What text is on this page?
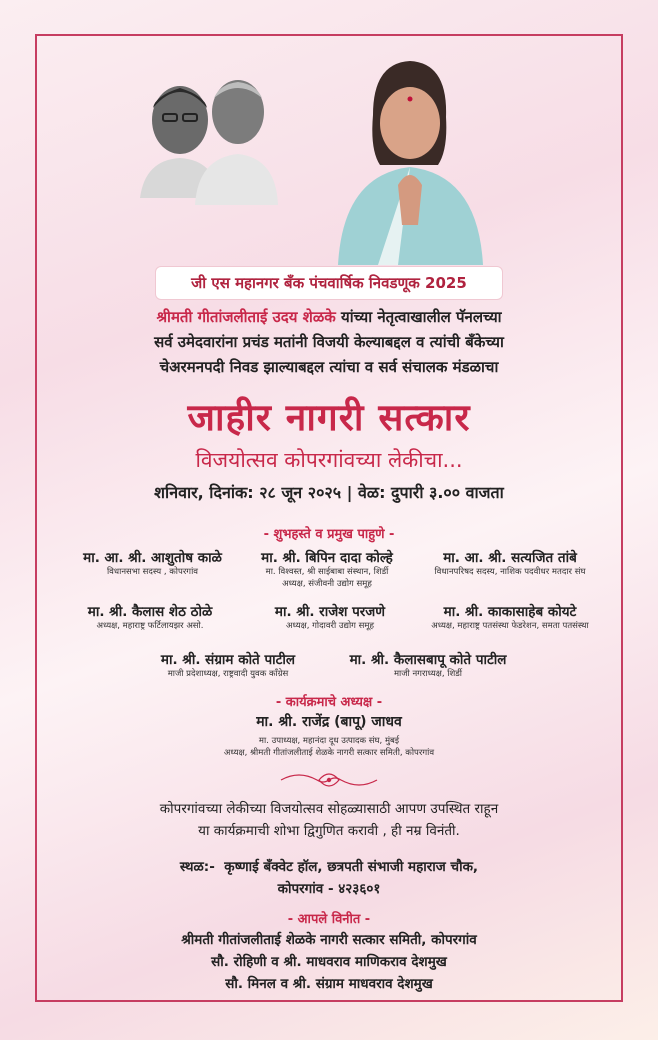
जी एस महानगर बँक पंचवार्षिक निवडणूक 2025
श्रीमती गीतांजलीताई उदय शेळके यांच्या नेतृत्वाखालील पॅनलच्या
सर्व उमेदवारांना प्रचंड मतांनी विजयी केल्याबद्दल व त्यांची बँकेच्या
चेअरमनपदी निवड झाल्याबद्दल त्यांचा व सर्व संचालक मंडळाचा
जाहीर नागरी सत्कार
विजयोत्सव कोपरगांवच्या लेकीचा...
शनिवार, दिनांक: २८ जून २०२५ | वेळ: दुपारी ३.०० वाजता
- शुभहस्ते व प्रमुख पाहुणे -
मा. आ. श्री. आशुतोष काळे
विधानसभा सदस्य , कोपरगांव
मा. श्री. बिपिन दादा कोल्हे
मा. विश्वस्त, श्री साईबाबा संस्थान, शिर्डी
अध्यक्ष, संजीवनी उद्योग समूह
मा. आ. श्री. सत्यजित तांबे
विधानपरिषद सदस्य, नाशिक पदवीधर मतदार संघ
मा. श्री. कैलास शेठ ठोळे
अध्यक्ष, महाराष्ट्र फर्टिलायझर असो.
मा. श्री. राजेश परजणे
अध्यक्ष, गोदावरी उद्योग समूह
मा. श्री. काकासाहेब कोयटे
अध्यक्ष, महाराष्ट्र पतसंस्था फेडरेशन, समता पतसंस्था
मा. श्री. संग्राम कोते पाटील
माजी प्रदेशाध्यक्ष, राष्ट्रवादी युवक कॉंग्रेस
मा. श्री. कैलासबापू कोते पाटील
माजी नगराध्यक्ष, शिर्डी
- कार्यक्रमाचे अध्यक्ष -
मा. श्री. राजेंद्र (बापू) जाधव
मा. उपाध्यक्ष, महानंदा दूध उत्पादक संघ, मुंबई
अध्यक्ष, श्रीमती गीतांजलीताई शेळके नागरी सत्कार समिती, कोपरगांव
कोपरगांवच्या लेकीच्या विजयोत्सव सोहळ्यासाठी आपण उपस्थित राहून
या कार्यक्रमाची शोभा द्विगुणित करावी , ही नम्र विनंती.
स्थळ:- कृष्णाई बँक्वेट हॉल, छत्रपती संभाजी महाराज चौक,
कोपरगांव - ४२३६०१
- आपले विनीत -
श्रीमती गीतांजलीताई शेळके नागरी सत्कार समिती, कोपरगांव
सौ. रोहिणी व श्री. माधवराव माणिकराव देशमुख
सौ. मिनल व श्री. संग्राम माधवराव देशमुख
